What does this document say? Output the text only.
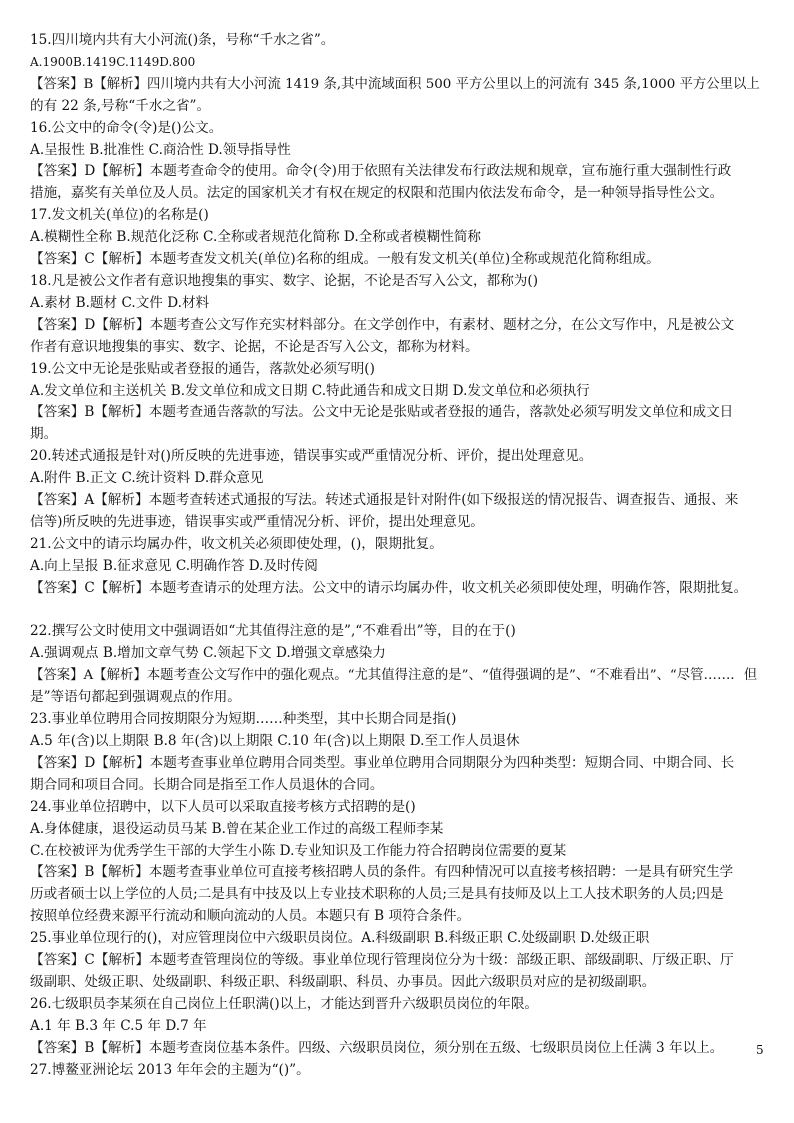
15.四川境内共有大小河流()条，号称“千水之省”。
A.1900B.1419C.1149D.800
【答案】B【解析】四川境内共有大小河流 1419 条,其中流域面积 500 平方公里以上的河流有 345 条,1000 平方公里以上
的有 22 条,号称“千水之省”。
16.公文中的命令(令)是()公文。
A.呈报性 B.批准性 C.商洽性 D.领导指导性
【答案】D【解析】本题考查命令的使用。命令(令)用于依照有关法律发布行政法规和规章，宣布施行重大强制性行政
措施，嘉奖有关单位及人员。法定的国家机关才有权在规定的权限和范围内依法发布命令，是一种领导指导性公文。
17.发文机关(单位)的名称是()
A.模糊性全称 B.规范化泛称 C.全称或者规范化简称 D.全称或者模糊性简称
【答案】C【解析】本题考查发文机关(单位)名称的组成。一般有发文机关(单位)全称或规范化简称组成。
18.凡是被公文作者有意识地搜集的事实、数字、论据，不论是否写入公文，都称为()
A.素材 B.题材 C.文件 D.材料
【答案】D【解析】本题考查公文写作充实材料部分。在文学创作中，有素材、题材之分，在公文写作中，凡是被公文
作者有意识地搜集的事实、数字、论据，不论是否写入公文，都称为材料。
19.公文中无论是张贴或者登报的通告，落款处必须写明()
A.发文单位和主送机关 B.发文单位和成文日期 C.特此通告和成文日期 D.发文单位和必须执行
【答案】B【解析】本题考查通告落款的写法。公文中无论是张贴或者登报的通告，落款处必须写明发文单位和成文日
期。
20.转述式通报是针对()所反映的先进事迹，错误事实或严重情况分析、评价，提出处理意见。
A.附件 B.正文 C.统计资料 D.群众意见
【答案】A【解析】本题考查转述式通报的写法。转述式通报是针对附件(如下级报送的情况报告、调查报告、通报、来
信等)所反映的先进事迹，错误事实或严重情况分析、评价，提出处理意见。
21.公文中的请示均属办件，收文机关必须即使处理，()，限期批复。
A.向上呈报 B.征求意见 C.明确作答 D.及时传阅
【答案】C【解析】本题考查请示的处理方法。公文中的请示均属办件，收文机关必须即使处理，明确作答，限期批复。
22.撰写公文时使用文中强调语如“尤其值得注意的是”,“不难看出”等，目的在于()
A.强调观点 B.增加文章气势 C.领起下文 D.增强文章感染力
【答案】A【解析】本题考查公文写作中的强化观点。“尤其值得注意的是”、“值得强调的是”、“不难看出”、“尽管……．但
是”等语句都起到强调观点的作用。
23.事业单位聘用合同按期限分为短期……种类型，其中长期合同是指()
A.5 年(含)以上期限 B.8 年(含)以上期限 C.10 年(含)以上期限 D.至工作人员退休
【答案】D【解析】本题考查事业单位聘用合同类型。事业单位聘用合同期限分为四种类型：短期合同、中期合同、长
期合同和项目合同。长期合同是指至工作人员退休的合同。
24.事业单位招聘中，以下人员可以采取直接考核方式招聘的是()
A.身体健康，退役运动员马某 B.曾在某企业工作过的高级工程师李某
C.在校被评为优秀学生干部的大学生小陈 D.专业知识及工作能力符合招聘岗位需要的夏某
【答案】B【解析】本题考查事业单位可直接考核招聘人员的条件。有四种情况可以直接考核招聘：一是具有研究生学
历或者硕士以上学位的人员;二是具有中技及以上专业技术职称的人员;三是具有技师及以上工人技术职务的人员;四是
按照单位经费来源平行流动和顺向流动的人员。本题只有 B 项符合条件。
25.事业单位现行的()，对应管理岗位中六级职员岗位。A.科级副职 B.科级正职 C.处级副职 D.处级正职
【答案】C【解析】本题考查管理岗位的等级。事业单位现行管理岗位分为十级：部级正职、部级副职、厅级正职、厅
级副职、处级正职、处级副职、科级正职、科级副职、科员、办事员。因此六级职员对应的是初级副职。
26.七级职员李某须在自己岗位上任职满()以上，才能达到晋升六级职员岗位的年限。
A.1 年 B.3 年 C.5 年 D.7 年
【答案】B【解析】本题考查岗位基本条件。四级、六级职员岗位，须分别在五级、七级职员岗位上任满 3 年以上。
27.博鳌亚洲论坛 2013 年年会的主题为“()”。
5
